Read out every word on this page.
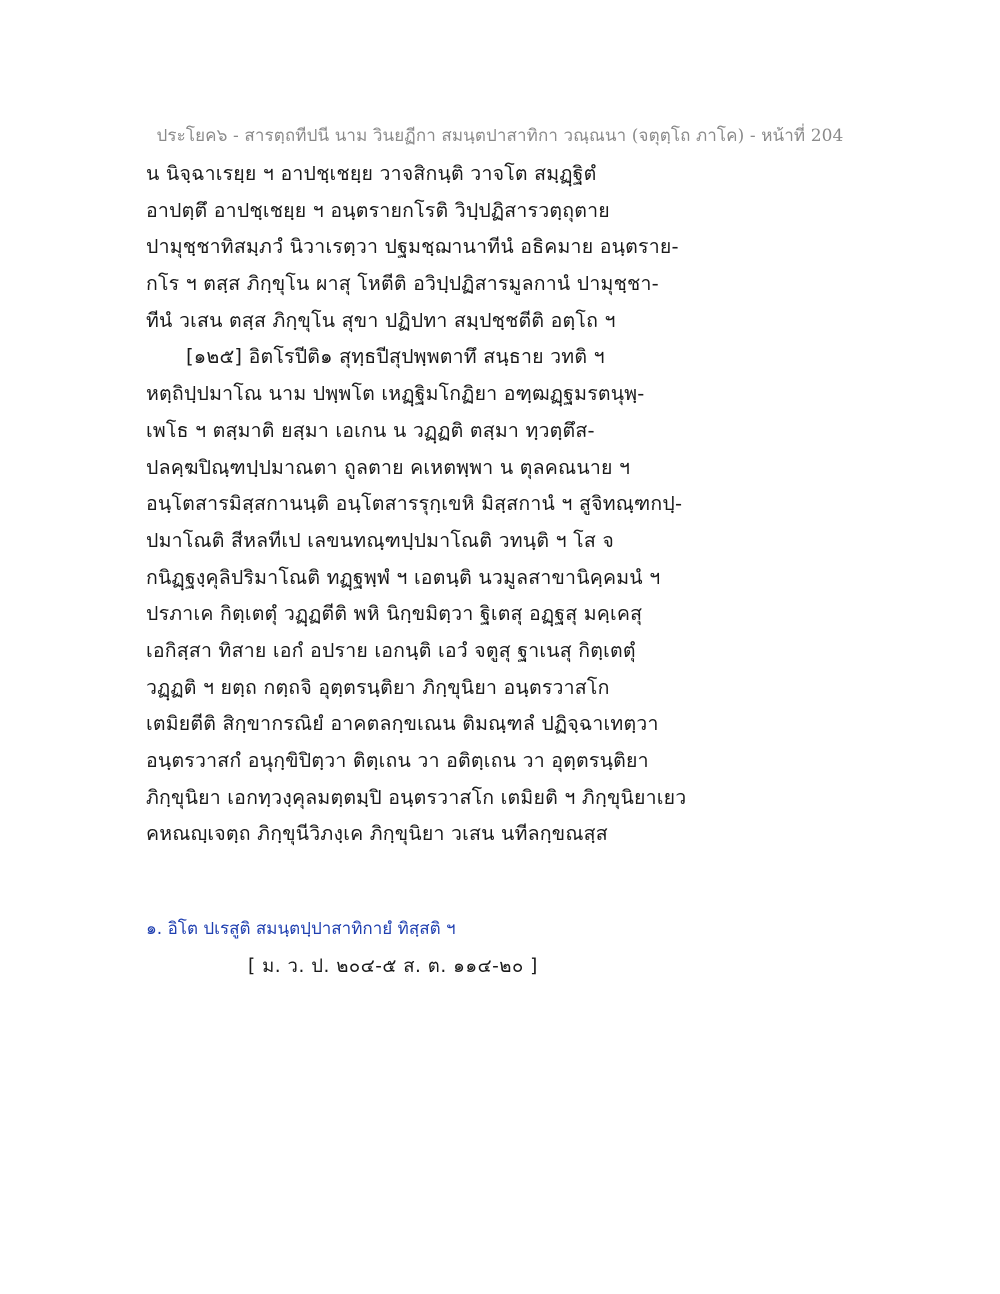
ประโยค๖ - สารตฺถทีปนี นาม วินยฏีกา สมนฺตปาสาทิกา วณฺณนา (จตุตฺโถ ภาโค) - หน้าที่ 204
น นิจฺฉาเรยฺย ฯ อาปชฺเชยฺย วาจสิกนฺติ วาจโต สมฺฏฺฐิตํ
อาปตฺตึ อาปชฺเชยฺย ฯ อนฺตรายกโรติ วิปฺปฏิสารวตฺถุตาย
ปามุชฺชาทิสมฺภวํ นิวาเรตฺวา ปฐมชฺฌานาทีนํ อธิคมาย อนฺตราย-
กโร ฯ ตสฺส ภิกฺขุโน ผาสุ โหตีติ อวิปฺปฏิสารมูลกานํ ปามุชฺชา-
ทีนํ วเสน ตสฺส ภิกฺขุโน สุขา ปฏิปทา สมฺปชฺชตีติ อตฺโถ ฯ
[๑๒๕] อิตโรปีติ๑ สุทฺธปีสุปพฺพตาทึ สนฺธาย วทติ ฯ
หตฺถิปฺปมาโณ นาม ปพฺพโต เหฏฺฐิมโกฏิยา อฑฺฒฏฺฐมรตนุพฺ-
เพโธ ฯ ตสฺมาติ ยสฺมา เอเกน น วฏฺฏติ ตสฺมา ทฺวตฺตึส-
ปลคฺฆปิณฺฑปฺปมาณตา ถูลตาย คเหตพฺพา น ตุลคณนาย ฯ
อนฺโตสารมิสฺสกานนฺติ อนฺโตสารรุกฺเขหิ มิสฺสกานํ ฯ สูจิทณฺฑกปฺ-
ปมาโณติ สีหลทีเป เลขนทณฺฑปฺปมาโณติ วทนฺติ ฯ โส จ
กนิฏฺฐงฺคุลิปริมาโณติ ทฏฺฐพฺพํ ฯ เอตนฺติ นวมูลสาขานิคฺคมนํ ฯ
ปรภาเค กิตฺเตตุํ วฏฺฏตีติ พหิ นิกฺขมิตฺวา ฐิเตสุ อฏฺฐสุ มคฺเคสุ
เอกิสฺสา ทิสาย เอกํ อปราย เอกนฺติ เอวํ จตูสุ ฐาเนสุ กิตฺเตตุํ
วฏฺฏติ ฯ ยตฺถ กตฺถจิ อุตฺตรนฺติยา ภิกฺขุนิยา อนฺตรวาสโก
เตมิยตีติ สิกฺขากรณิยํ อาคตลกฺขเณน ติมณฺฑลํ ปฏิจฺฉาเทตฺวา
อนฺตรวาสกํ อนุกฺขิปิตฺวา ติตฺเถน วา อติตฺเถน วา อุตฺตรนฺติยา
ภิกฺขุนิยา เอกทฺวงฺคุลมตฺตมฺปิ อนฺตรวาสโก เตมิยติ ฯ ภิกฺขุนิยาเยว
คหณญฺเจตฺถ ภิกฺขุนีวิภงฺเค ภิกฺขุนิยา วเสน นทีลกฺขณสฺส
๑. อิโต ปเรสูติ สมนฺตปฺปาสาทิกายํ ทิสฺสติ ฯ
[ ม. ว. ป. ๒๐๔-๕ ส. ต. ๑๑๔-๒๐ ]
